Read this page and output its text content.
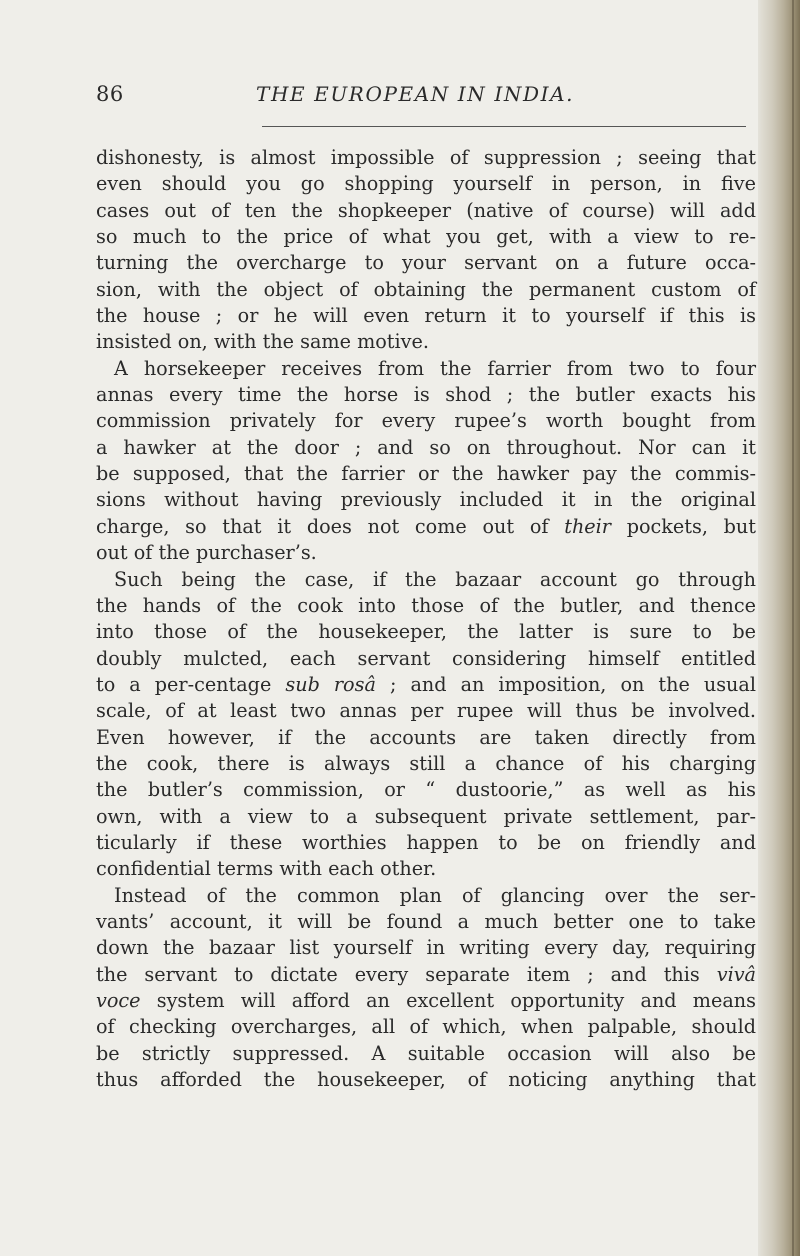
86	THE EUROPEAN IN INDIA.
dishonesty, is almost impossible of suppression ; seeing that
even should you go shopping yourself in person, in five
cases out of ten the shopkeeper (native of course) will add
so much to the price of what you get, with a view to re-
turning the overcharge to your servant on a future occa-
sion, with the object of obtaining the permanent custom of
the house ; or he will even return it to yourself if this is
insisted on, with the same motive.
A horsekeeper receives from the farrier from two to four
annas every time the horse is shod ; the butler exacts his
commission privately for every rupee’s worth bought from
a hawker at the door ; and so on throughout. Nor can it
be supposed, that the farrier or the hawker pay the commis-
sions without having previously included it in the original
charge, so that it does not come out of their pockets, but
out of the purchaser’s.
Such being the case, if the bazaar account go through
the hands of the cook into those of the butler, and thence
into those of the housekeeper, the latter is sure to be
doubly mulcted, each servant considering himself entitled
to a per-centage sub rosâ ; and an imposition, on the usual
scale, of at least two annas per rupee will thus be involved.
Even however, if the accounts are taken directly from
the cook, there is always still a chance of his charging
the butler’s commission, or “ dustoorie,” as well as his
own, with a view to a subsequent private settlement, par-
ticularly if these worthies happen to be on friendly and
confidential terms with each other.
Instead of the common plan of glancing over the ser-
vants’ account, it will be found a much better one to take
down the bazaar list yourself in writing every day, requiring
the servant to dictate every separate item ; and this vivâ
voce system will afford an excellent opportunity and means
of checking overcharges, all of which, when palpable, should
be strictly suppressed. A suitable occasion will also be
thus afforded the housekeeper, of noticing anything that
